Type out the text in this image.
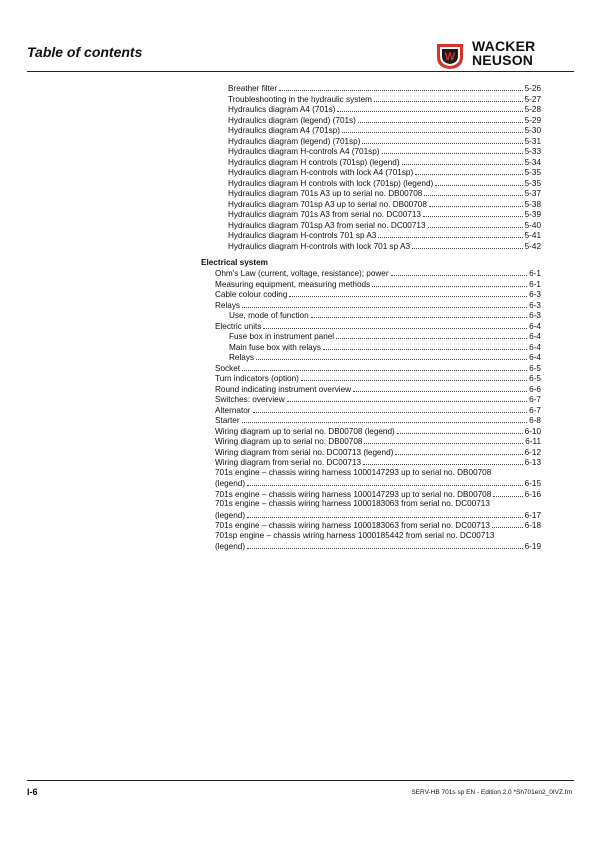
Table of contents	W
WACKER
NEUSON
Breather filter	5-26
Troubleshooting in the hydraulic system	5-27
Hydraulics diagram A4 (701s)	5-28
Hydraulics diagram (legend) (701s)	5-29
Hydraulics diagram A4 (701sp)	5-30
Hydraulics diagram (legend) (701sp)	5-31
Hydraulics diagram H-controls A4 (701sp)	5-33
Hydraulics diagram H controls (701sp) (legend)	5-34
Hydraulics diagram H-controls with lock A4 (701sp)	5-35
Hydraulics diagram H controls with lock (701sp) (legend)	5-35
Hydraulics diagram 701s A3 up to serial no. DB00708	5-37
Hydraulics diagram 701sp A3 up to serial no. DB00708	5-38
Hydraulics diagram 701s A3 from serial no. DC00713	5-39
Hydraulics diagram 701sp A3 from serial no. DC00713	5-40
Hydraulics diagram H-controls 701 sp A3	5-41
Hydraulics diagram H-controls with lock 701 sp A3	5-42
Electrical system
Ohm's Law (current, voltage, resistance); power	6-1
Measuring equipment, measuring methods	6-1
Cable colour coding	6-3
Relays	6-3
Use, mode of function	6-3
Electric units	6-4
Fuse box in instrument panel	6-4
Main fuse box with relays	6-4
Relays	6-4
Socket	6-5
Turn indicators (option)	6-5
Round indicating instrument overview	6-6
Switches: overview	6-7
Alternator	6-7
Starter	6-8
Wiring diagram up to serial no. DB00708 (legend)	6-10
Wiring diagram up to serial no. DB00708	6-11
Wiring diagram from serial no. DC00713 (legend)	6-12
Wiring diagram from serial no. DC00713	6-13
701s engine – chassis wiring harness 1000147293 up to serial no. DB00708
(legend)	6-15
701s engine – chassis wiring harness 1000147293 up to serial no. DB00708	6-16
701s engine – chassis wiring harness 1000183063 from serial no. DC00713
(legend)	6-17
701s engine – chassis wiring harness 1000183063 from serial no. DC00713	6-18
701sp engine – chassis wiring harness 1000185442 from serial no. DC00713
(legend)	6-19
I-6	SERV-HB 701s sp EN - Edition 2.0 *Sh701en2_0IVZ.fm
